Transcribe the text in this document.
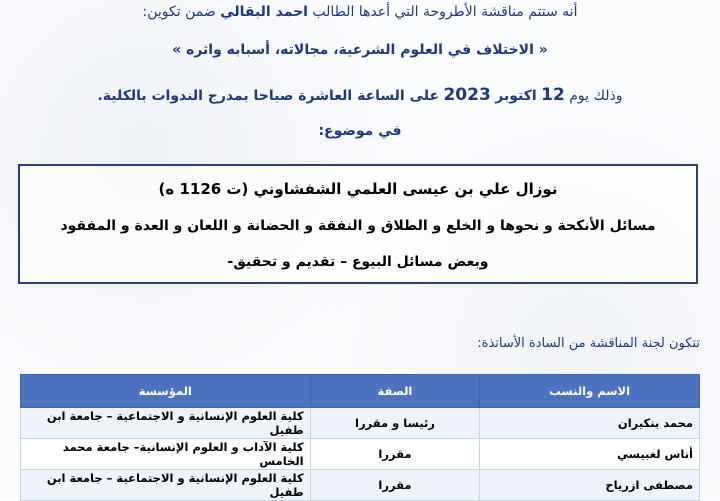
أنه ستتم مناقشة الأطروحة التي أعدها الطالب احمد البقالي ضمن تكوين:
« الاختلاف في العلوم الشرعية، مجالاته، أسبابه واثره »
وذلك يوم 12 اكتوبر 2023 على الساعة العاشرة صباحا بمدرج الندوات بالكلية.
في موضوع:
نوزال علي بن عيسى العلمي الشفشاوني (ت 1126 ه)
مسائل الأنكحة و نحوها و الخلع و الطلاق و النفقة و الحضانة و اللعان و العدة و المفقود
وبعض مسائل البيوع – تقديم و تحقيق-
تتكون لجنة المناقشة من السادة الأساتذة:
الاسم والنسب	الصفة	المؤسسة
محمد بنكيران	رئيسا و مقررا	كلية العلوم الإنسانية و الاجتماعية – جامعة ابن طفيل
أناس لغبيسي	مقررا	كلية الآداب و العلوم الإنسانية– جامعة محمد الخامس
مصطفى ازرياح	مقررا	كلية العلوم الإنسانية و الاجتماعية – جامعة ابن طفيل
